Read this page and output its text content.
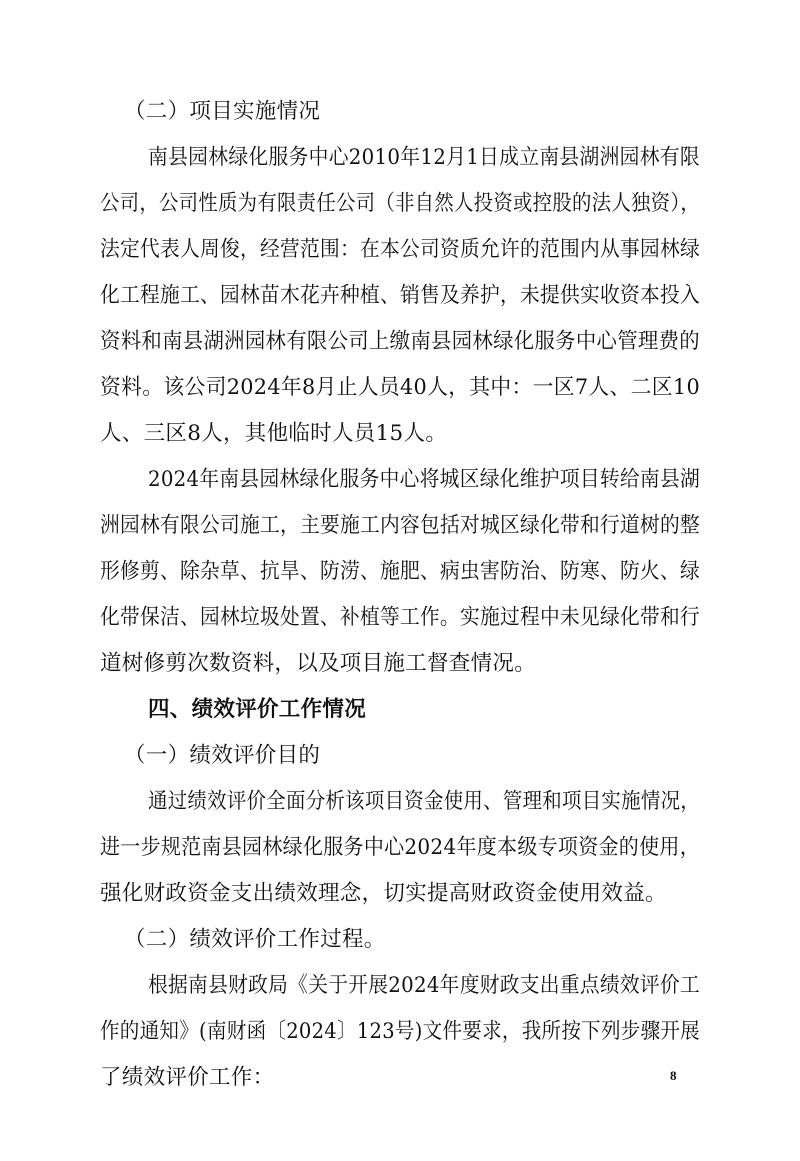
（二）项目实施情况
南县园林绿化服务中心2010年12月1日成立南县湖洲园林有限
公司，公司性质为有限责任公司（非自然人投资或控股的法人独资），
法定代表人周俊，经营范围：在本公司资质允许的范围内从事园林绿
化工程施工、园林苗木花卉种植、销售及养护，未提供实收资本投入
资料和南县湖洲园林有限公司上缴南县园林绿化服务中心管理费的
资料。该公司2024年8月止人员40人，其中：一区7人、二区10
人、三区8人，其他临时人员15人。
2024年南县园林绿化服务中心将城区绿化维护项目转给南县湖
洲园林有限公司施工，主要施工内容包括对城区绿化带和行道树的整
形修剪、除杂草、抗旱、防涝、施肥、病虫害防治、防寒、防火、绿
化带保洁、园林垃圾处置、补植等工作。实施过程中未见绿化带和行
道树修剪次数资料，以及项目施工督查情况。
四、绩效评价工作情况
（一）绩效评价目的
通过绩效评价全面分析该项目资金使用、管理和项目实施情况，
进一步规范南县园林绿化服务中心2024年度本级专项资金的使用，
强化财政资金支出绩效理念，切实提高财政资金使用效益。
（二）绩效评价工作过程。
根据南县财政局《关于开展2024年度财政支出重点绩效评价工
作的通知》(南财函〔2024〕123号)文件要求，我所按下列步骤开展
了绩效评价工作：	8
